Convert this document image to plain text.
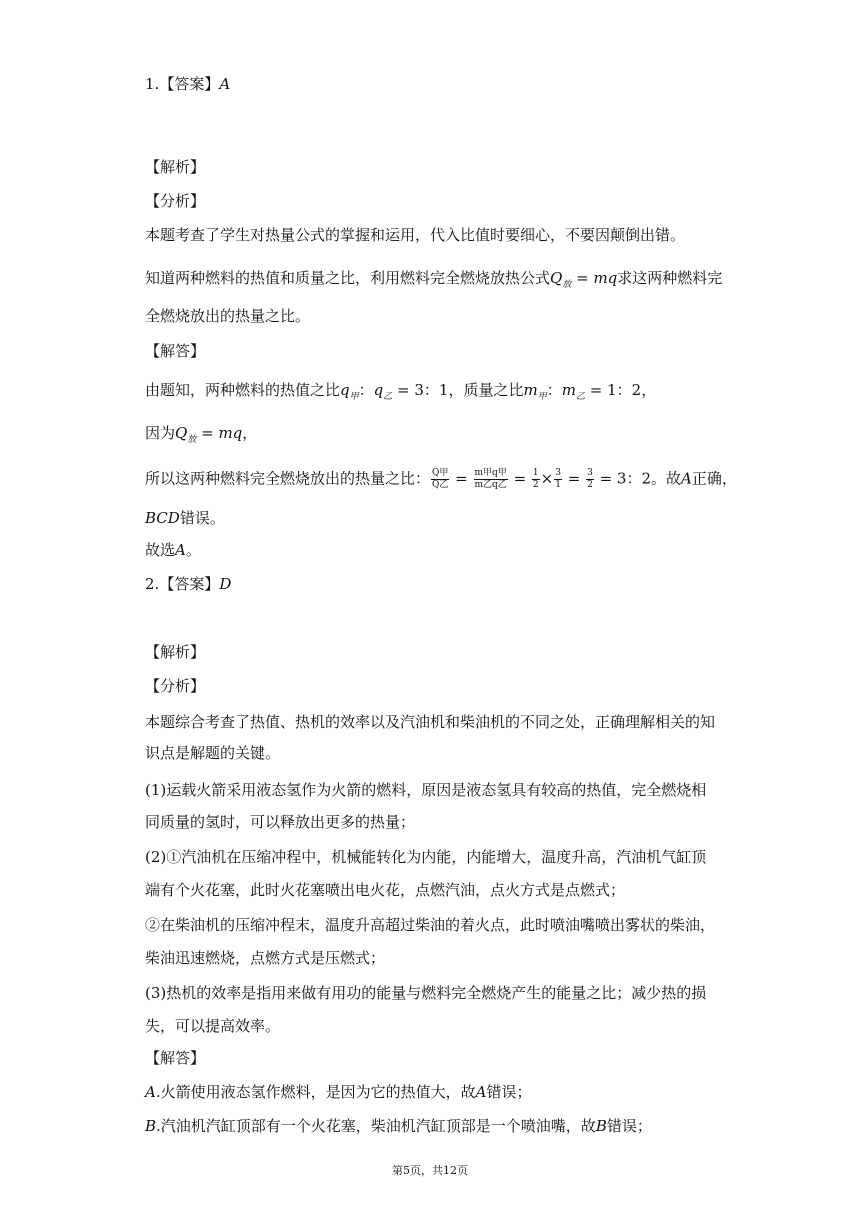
1.【答案】A
【解析】
【分析】
本题考查了学生对热量公式的掌握和运用，代入比值时要细心，不要因颠倒出错。
知道两种燃料的热值和质量之比，利用燃料完全燃烧放热公式$Q_放$ = mq求这两种燃料完
全燃烧放出的热量之比。
【解答】
由题知，两种燃料的热值之比$q_甲$：$q_乙 = 3$：1，质量之比$m_甲$：$m_乙 = 1$：2，
因为$Q_放$ = mq，
所以这两种燃料完全燃烧放出的热量之比： $\frac{\text{Q甲}}{\text{Q乙}} = \frac{\text{m甲q甲}}{\text{m乙q乙}} = \frac{1}{2} \times \frac{3}{1} = \frac{3}{2} = 3$：2。故A正确，
BCD错误。
故选A。
2.【答案】D
【解析】
【分析】
本题综合考查了热值、热机的效率以及汽油机和柴油机的不同之处，正确理解相关的知
识点是解题的关键。
(1)运载火箭采用液态氢作为火箭的燃料，原因是液态氢具有较高的热值，完全燃烧相
同质量的氢时，可以释放出更多的热量；
(2)①汽油机在压缩冲程中，机械能转化为内能，内能增大，温度升高，汽油机气缸顶
端有个火花塞，此时火花塞喷出电火花，点燃汽油，点火方式是点燃式；
②在柴油机的压缩冲程末，温度升高超过柴油的着火点，此时喷油嘴喷出雾状的柴油，
柴油迅速燃烧，点燃方式是压燃式；
(3)热机的效率是指用来做有用功的能量与燃料完全燃烧产生的能量之比；减少热的损
失，可以提高效率。
【解答】
A.火箭使用液态氢作燃料，是因为它的热值大，故A错误；
B.汽油机汽缸顶部有一个火花塞，柴油机汽缸顶部是一个喷油嘴，故B错误；
第5页，共12页
